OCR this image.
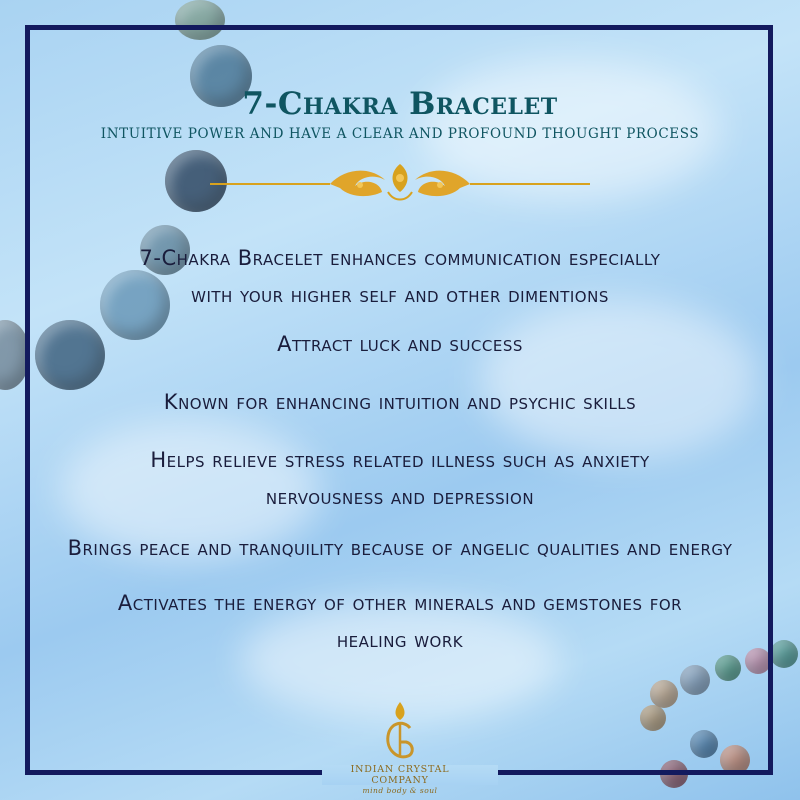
7-Chakra Bracelet
INTUITIVE POWER AND HAVE A CLEAR AND PROFOUND THOUGHT PROCESS
7-Chakra Bracelet enhances communication especially
with your higher self and other dimentions
Attract luck and success
Known for enhancing intuition and psychic skills
Helps relieve stress related illness such as anxiety
nervousness and depression
Brings peace and tranquility because of angelic qualities and energy
Activates the energy of other minerals and gemstones for
healing work
INDIAN CRYSTAL COMPANY
mind body & soul
